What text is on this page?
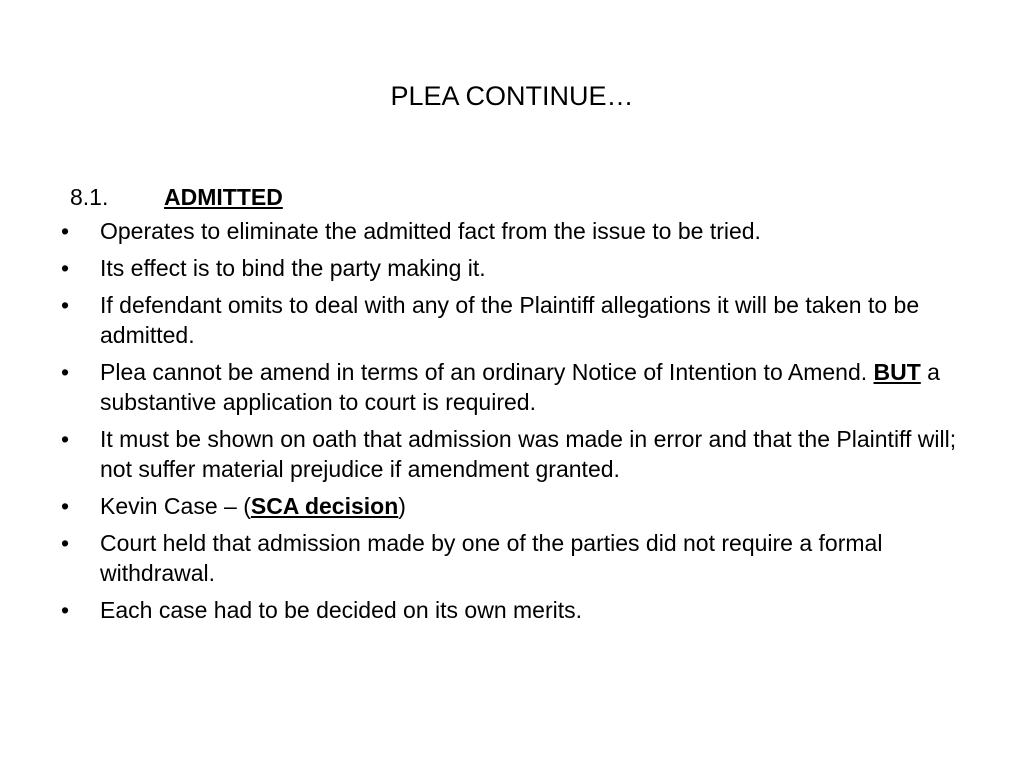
PLEA CONTINUE…
8.1. ADMITTED
• Operates to eliminate the admitted fact from the issue to be tried.
• Its effect is to bind the party making it.
• If defendant omits to deal with any of the Plaintiff allegations it will be taken to be admitted.
• Plea cannot be amend in terms of an ordinary Notice of Intention to Amend. BUT a substantive application to court is required.
• It must be shown on oath that admission was made in error and that the Plaintiff will; not suffer material prejudice if amendment granted.
• Kevin Case – (SCA decision)
• Court held that admission made by one of the parties did not require a formal withdrawal.
• Each case had to be decided on its own merits.
